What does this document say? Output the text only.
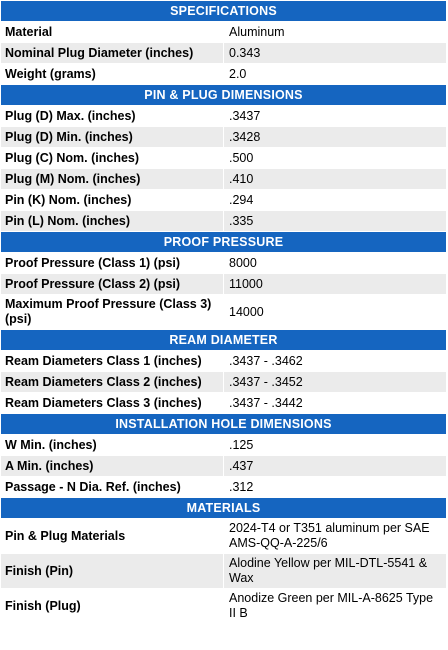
SPECIFICATIONS	
Material	Aluminum
Nominal Plug Diameter (inches)	0.343
Weight (grams)	2.0
PIN & PLUG DIMENSIONS	
Plug (D) Max. (inches)	.3437
Plug (D) Min. (inches)	.3428
Plug (C) Nom. (inches)	.500
Plug (M) Nom. (inches)	.410
Pin (K) Nom. (inches)	.294
Pin (L) Nom. (inches)	.335
PROOF PRESSURE	
Proof Pressure (Class 1) (psi)	8000
Proof Pressure (Class 2) (psi)	11000
Maximum Proof Pressure (Class 3) (psi)	14000
REAM DIAMETER	
Ream Diameters Class 1 (inches)	.3437 - .3462
Ream Diameters Class 2 (inches)	.3437 - .3452
Ream Diameters Class 3 (inches)	.3437 - .3442
INSTALLATION HOLE DIMENSIONS	
W Min. (inches)	.125
A Min. (inches)	.437
Passage - N Dia. Ref. (inches)	.312
MATERIALS	
Pin & Plug Materials	2024-T4 or T351 aluminum per SAE AMS-QQ-A-225/6
Finish (Pin)	Alodine Yellow per MIL-DTL-5541 & Wax
Finish (Plug)	Anodize Green per MIL-A-8625 Type II B
